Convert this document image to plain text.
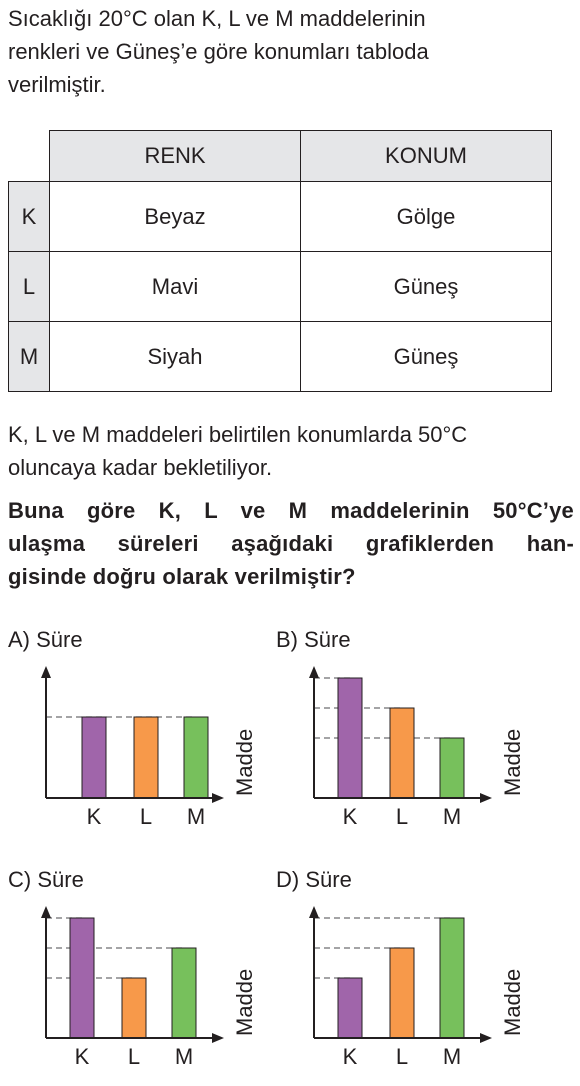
Sıcaklığı 20°C olan K, L ve M maddelerinin
renkleri ve Güneş’e göre konumları tabloda
verilmiştir.
	RENK	KONUM
K	Beyaz	Gölge
L	Mavi	Güneş
M	Siyah	Güneş
K, L ve M maddeleri belirtilen konumlarda 50°C
oluncaya kadar bekletiliyor.
Buna göre K, L ve M maddelerinin 50°C’ye
ulaşma süreleri aşağıdaki grafiklerden han-
gisinde doğru olarak verilmiştir?
A) Süre
K L M
Madde
B) Süre
K L M
Madde
C) Süre
K L M
Madde
D) Süre
K L M
Madde
